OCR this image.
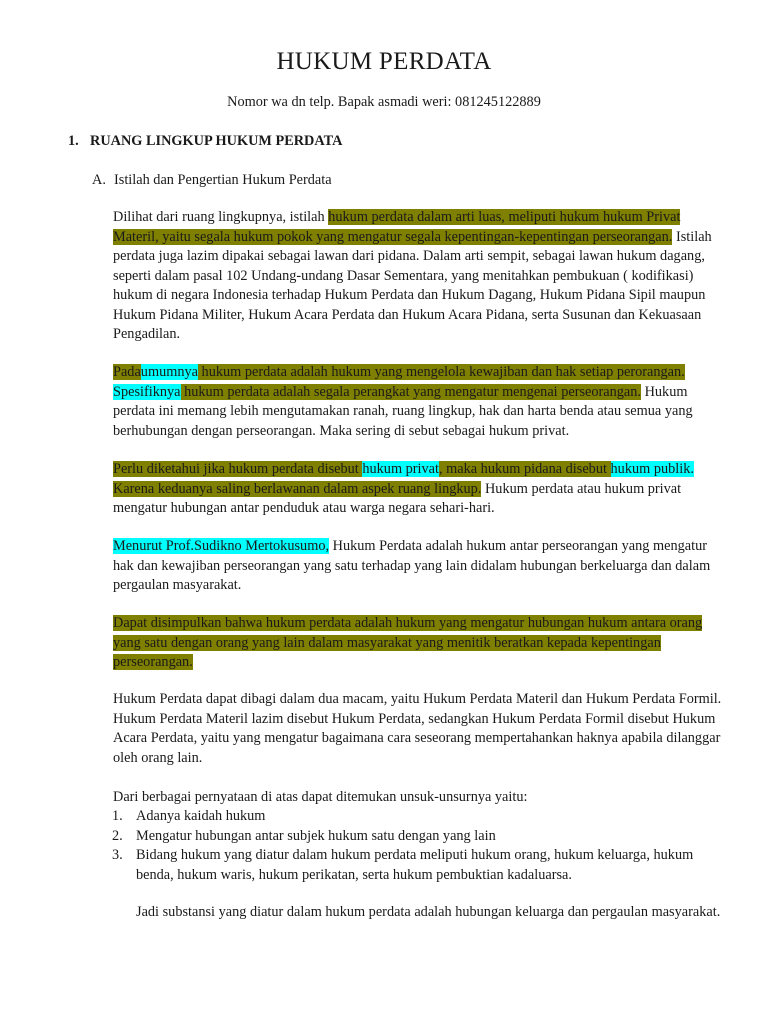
HUKUM PERDATA
Nomor wa dn telp. Bapak asmadi weri: 081245122889
1. RUANG LINGKUP HUKUM PERDATA
A. Istilah dan Pengertian Hukum Perdata
Dilihat dari ruang lingkupnya, istilah hukum perdata dalam arti luas, meliputi hukum hukum Privat Materil, yaitu segala hukum pokok yang mengatur segala kepentingan-kepentingan perseorangan. Istilah perdata juga lazim dipakai sebagai lawan dari pidana. Dalam arti sempit, sebagai lawan hukum dagang, seperti dalam pasal 102 Undang-undang Dasar Sementara, yang menitahkan pembukuan ( kodifikasi) hukum di negara Indonesia terhadap Hukum Perdata dan Hukum Dagang, Hukum Pidana Sipil maupun Hukum Pidana Militer, Hukum Acara Perdata dan Hukum Acara Pidana, serta Susunan dan Kekuasaan Pengadilan.
Padaumumnya hukum perdata adalah hukum yang mengelola kewajiban dan hak setiap perorangan. Spesifiknya hukum perdata adalah segala perangkat yang mengatur mengenai perseorangan. Hukum perdata ini memang lebih mengutamakan ranah, ruang lingkup, hak dan harta benda atau semua yang berhubungan dengan perseorangan. Maka sering di sebut sebagai hukum privat.
Perlu diketahui jika hukum perdata disebut hukum privat, maka hukum pidana disebut hukum publik. Karena keduanya saling berlawanan dalam aspek ruang lingkup. Hukum perdata atau hukum privat mengatur hubungan antar penduduk atau warga negara sehari-hari.
Menurut Prof.Sudikno Mertokusumo, Hukum Perdata adalah hukum antar perseorangan yang mengatur hak dan kewajiban perseorangan yang satu terhadap yang lain didalam hubungan berkeluarga dan dalam pergaulan masyarakat.
Dapat disimpulkan bahwa hukum perdata adalah hukum yang mengatur hubungan hukum antara orang yang satu dengan orang yang lain dalam masyarakat yang menitik beratkan kepada kepentingan perseorangan.
Hukum Perdata dapat dibagi dalam dua macam, yaitu Hukum Perdata Materil dan Hukum Perdata Formil. Hukum Perdata Materil lazim disebut Hukum Perdata, sedangkan Hukum Perdata Formil disebut Hukum Acara Perdata, yaitu yang mengatur bagaimana cara seseorang mempertahankan haknya apabila dilanggar oleh orang lain.
Dari berbagai pernyataan di atas dapat ditemukan unsuk-unsurnya yaitu:
1. Adanya kaidah hukum
2. Mengatur hubungan antar subjek hukum satu dengan yang lain
3. Bidang hukum yang diatur dalam hukum perdata meliputi hukum orang, hukum keluarga, hukum benda, hukum waris, hukum perikatan, serta hukum pembuktian kadaluarsa.
Jadi substansi yang diatur dalam hukum perdata adalah hubungan keluarga dan pergaulan masyarakat.
